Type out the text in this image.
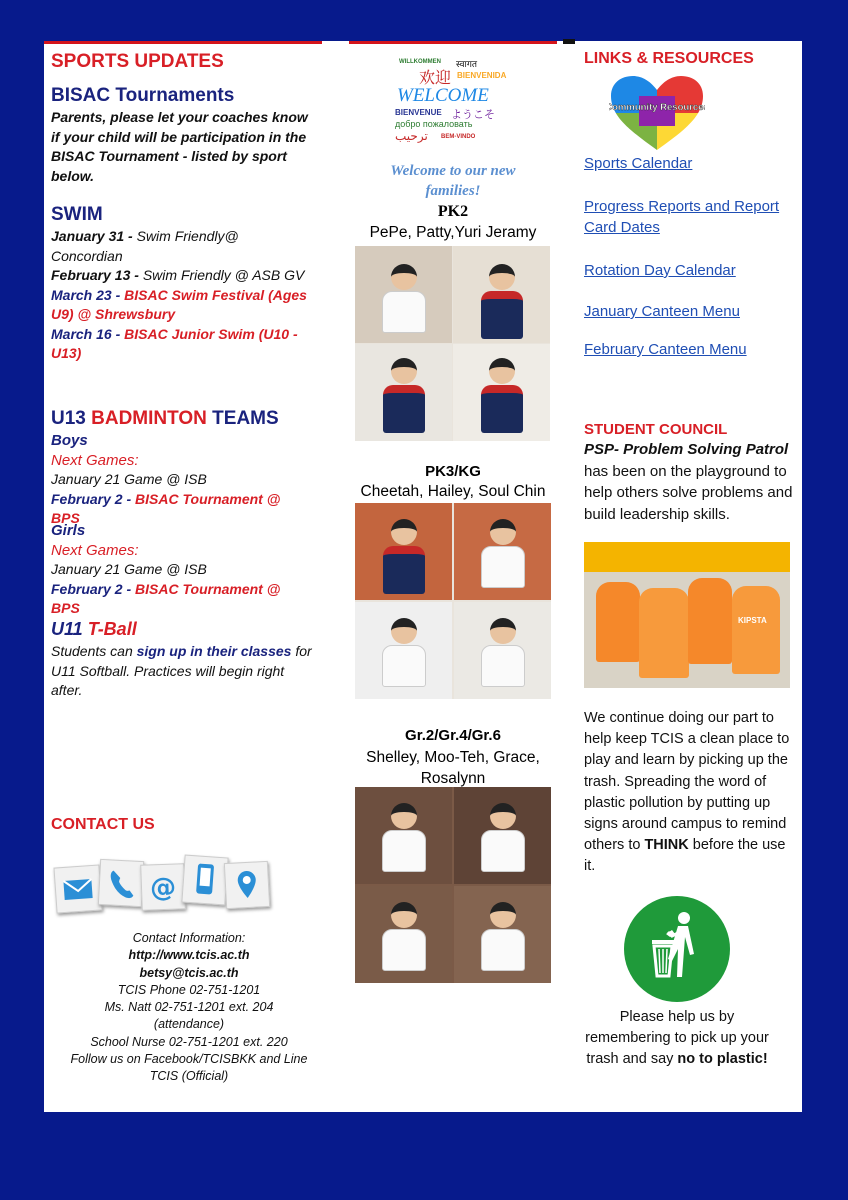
SPORTS UPDATES
BISAC Tournaments
Parents, please let your coaches know if your child will be participation in the BISAC Tournament - listed by sport below.
SWIM
January 31 - Swim Friendly@ Concordian
February 13 - Swim Friendly @ ASB GV
March 23 - BISAC Swim Festival (Ages U9) @ Shrewsbury
March 16 - BISAC Junior Swim (U10 - U13)
U13 BADMINTON TEAMS
Boys
Next Games:
January 21 Game @ ISB
February 2 - BISAC Tournament @ BPS
Girls
Next Games:
January 21 Game @ ISB
February 2 - BISAC Tournament @ BPS
U11 T-Ball
Students can sign up in their classes for U11 Softball. Practices will begin right after.
CONTACT US
@
Contact Information:
http://www.tcis.ac.th
betsy@tcis.ac.th
TCIS Phone 02-751-1201
Ms. Natt 02-751-1201 ext. 204
(attendance)
School Nurse 02-751-1201 ext. 220
Follow us on Facebook/TCISBKK and Line TCIS (Official)
WILLKOMMEN स्वागत
欢迎 BIENVENIDA
WELCOME
BIENVENUE ようこそ
добро пожаловать
ترحيب BEM-VINDO
Welcome to our new families!
PK2
PePe, Patty,Yuri Jeramy
PK3/KG
Cheetah, Hailey, Soul Chin
Gr.2/Gr.4/Gr.6
Shelley, Moo-Teh, Grace, Rosalynn
LINKS & RESOURCES
Community Resources
Sports Calendar
Progress Reports and Report Card Dates
Rotation Day Calendar
January Canteen Menu
February Canteen Menu
STUDENT COUNCIL
PSP- Problem Solving Patrol has been on the playground to help others solve problems and build leadership skills.
KIPSTA
We continue doing our part to help keep TCIS a clean place to play and learn by picking up the trash. Spreading the word of plastic pollution by putting up signs around campus to remind others to THINK before the use it.
Please help us by remembering to pick up your trash and say no to plastic!
